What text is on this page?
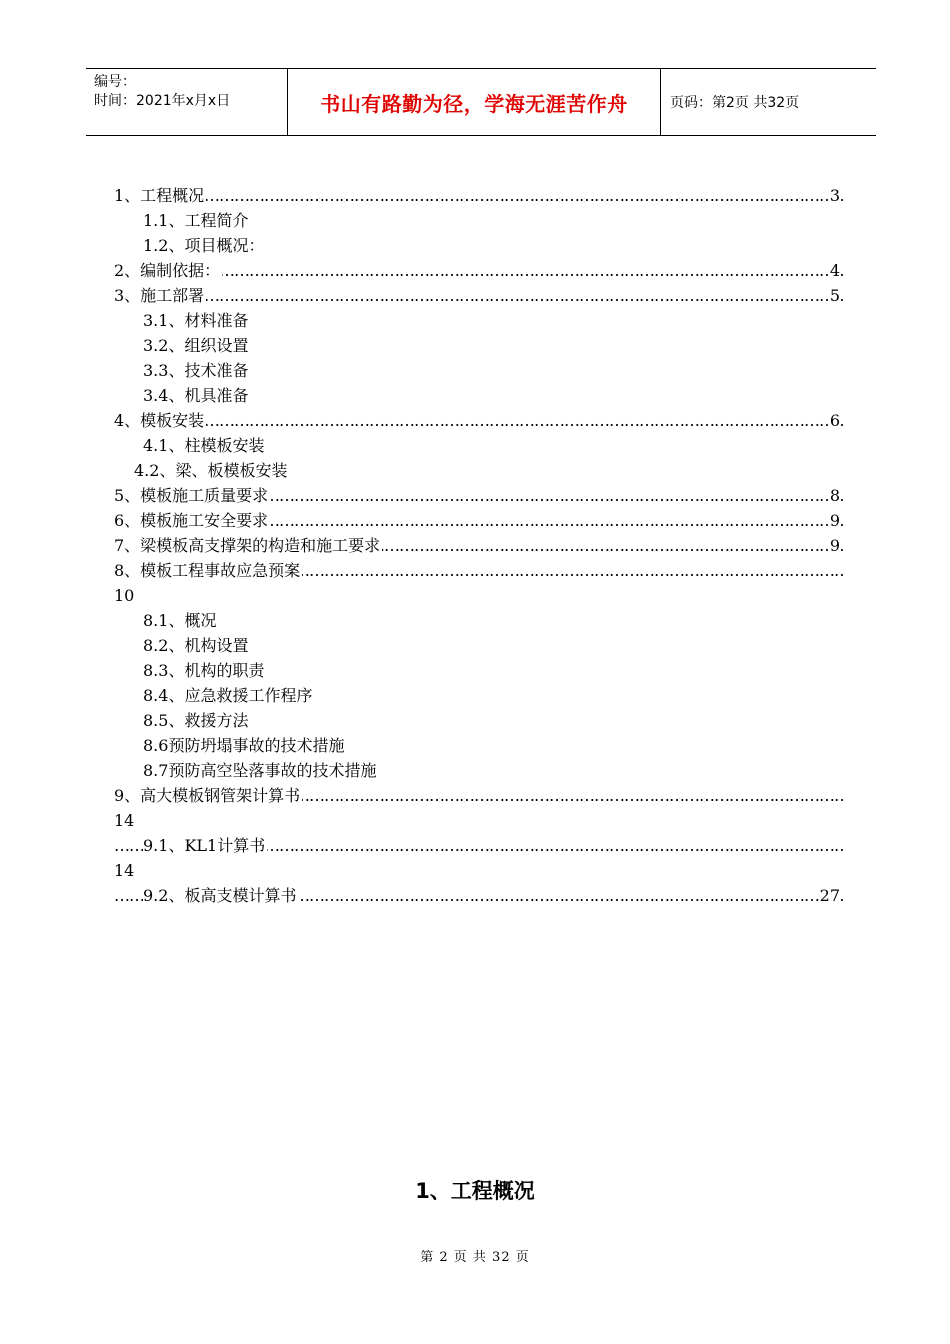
编号：
时间：2021年x月x日	书山有路勤为径，学海无涯苦作舟	页码：第2页 共32页
………………………………………………………………………………………………………………………………………………………………………………………………………………………………………………………… 1、工程概况	3
1.1、工程简介
1.2、项目概况：
………………………………………………………………………………………………………………………………………………………………………………………………………………………………………………………… 2、编制依据：	4
………………………………………………………………………………………………………………………………………………………………………………………………………………………………………………………… 3、施工部署	5
3.1、材料准备
3.2、组织设置
3.3、技术准备
3.4、机具准备
………………………………………………………………………………………………………………………………………………………………………………………………………………………………………………………… 4、模板安装	6
4.1、柱模板安装
4.2、梁、板模板安装
………………………………………………………………………………………………………………………………………………………………………………………………………………………………………………………… 5、模板施工质量要求	8
………………………………………………………………………………………………………………………………………………………………………………………………………………………………………………………… 6、模板施工安全要求	9
………………………………………………………………………………………………………………………………………………………………………………………………………………………………………………………… 7、梁模板高支撑架的构造和施工要求	9
………………………………………………………………………………………………………………………………………………………………………………………………………………………………………………………… 8、模板工程事故应急预案
10
8.1、概况
8.2、机构设置
8.3、机构的职责
8.4、应急救援工作程序
8.5、救援方法
8.6预防坍塌事故的技术措施
8.7预防高空坠落事故的技术措施
………………………………………………………………………………………………………………………………………………………………………………………………………………………………………………………… 9、高大模板钢管架计算书
14
………………………………………………………………………………………………………………………………………………………………………………………………………………………………………………………… 9.1、KL1计算书
14
………………………………………………………………………………………………………………………………………………………………………………………………………………………………………………………… 9.2、板高支模计算书	27
1、工程概况
第 2 页 共 32 页
